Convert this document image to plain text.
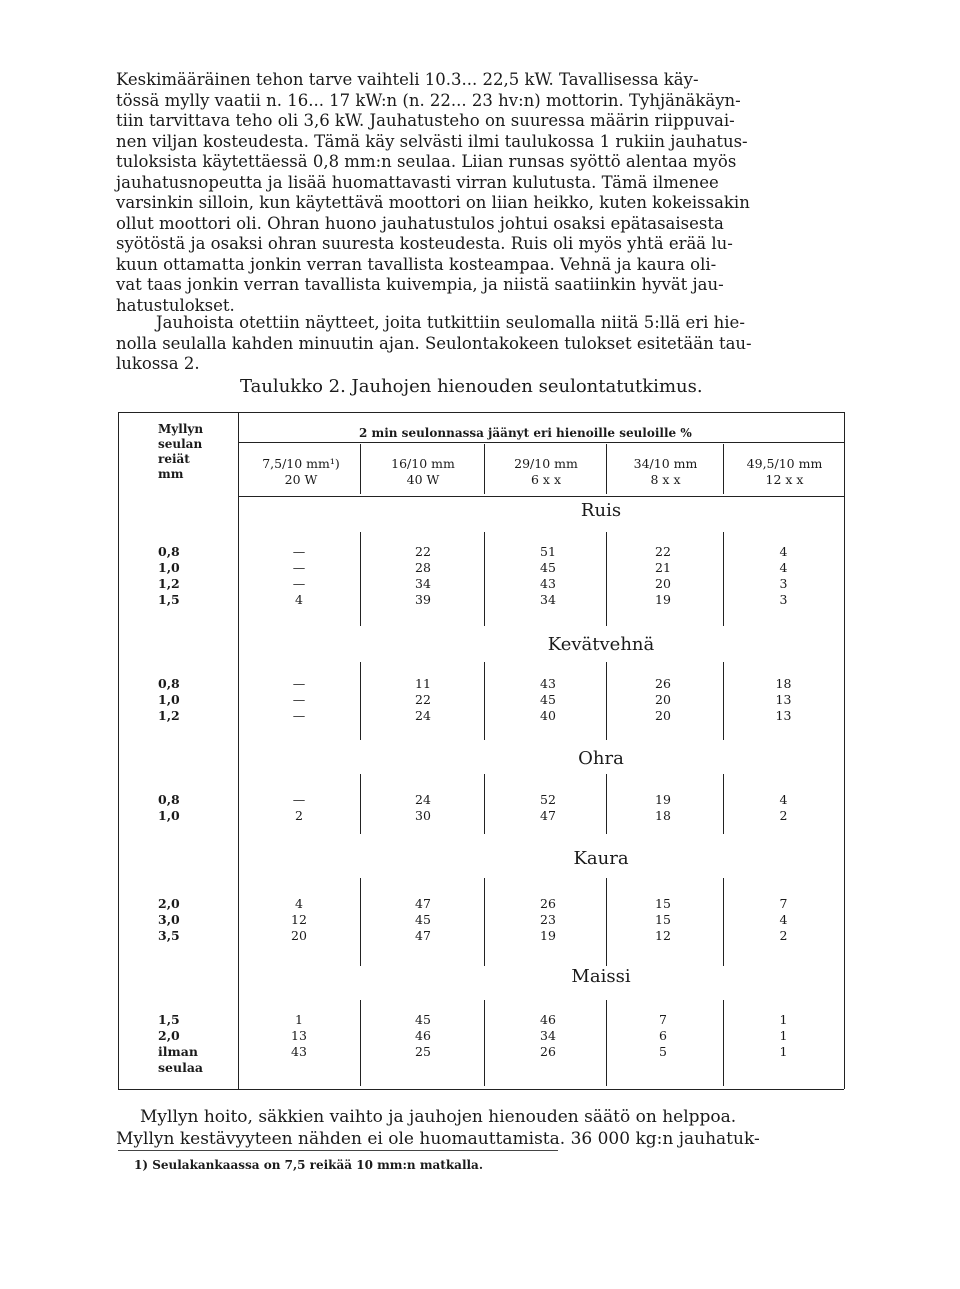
Keskimääräinen tehon tarve vaihteli 10.3... 22,5 kW. Tavallisessa käy-
tössä mylly vaatii n. 16... 17 kW:n (n. 22... 23 hv:n) mottorin. Tyhjänäkäyn-
tiin tarvittava teho oli 3,6 kW. Jauhatusteho on suuressa määrin riippuvai-
nen viljan kosteudesta. Tämä käy selvästi ilmi taulukossa 1 rukiin jauhatus-
tuloksista käytettäessä 0,8 mm:n seulaa. Liian runsas syöttö alentaa myös
jauhatusnopeutta ja lisää huomattavasti virran kulutusta. Tämä ilmenee
varsinkin silloin, kun käytettävä moottori on liian heikko, kuten kokeissakin
ollut moottori oli. Ohran huono jauhatustulos johtui osaksi epätasaisesta
syötöstä ja osaksi ohran suuresta kosteudesta. Ruis oli myös yhtä erää lu-
kuun ottamatta jonkin verran tavallista kosteampaa. Vehnä ja kaura oli-
vat taas jonkin verran tavallista kuivempia, ja niistä saatiinkin hyvät jau-
hatustulokset.
Jauhoista otettiin näytteet, joita tutkittiin seulomalla niitä 5:llä eri hie-
nolla seulalla kahden minuutin ajan. Seulontakokeen tulokset esitetään tau-
lukossa 2.
Taulukko 2. Jauhojen hienouden seulontatutkimus.
Myllyn
seulan
reiät
mm
2 min seulonnassa jäänyt eri hienoille seuloille %
7,5/10 mm¹)
20 W
16/10 mm
40 W
29/10 mm
6 x x
34/10 mm
8 x x
49,5/10 mm
12 x x
Ruis
0,8
1,0
1,2
1,5
—
—
—
4
22
28
34
39
51
45
43
34
22
21
20
19
4
4
3
3
Kevätvehnä
0,8
1,0
1,2
—
—
—
11
22
24
43
45
40
26
20
20
18
13
13
Ohra
0,8
1,0
—
2
24
30
52
47
19
18
4
2
Kaura
2,0
3,0
3,5
4
12
20
47
45
47
26
23
19
15
15
12
7
4
2
Maissi
1,5
2,0
ilman
seulaa
1
13
43
45
46
25
46
34
26
7
6
5
1
1
1
Myllyn hoito, säkkien vaihto ja jauhojen hienouden säätö on helppoa.
Myllyn kestävyyteen nähden ei ole huomauttamista. 36 000 kg:n jauhatuk-
1) Seulakankaassa on 7,5 reikää 10 mm:n matkalla.
